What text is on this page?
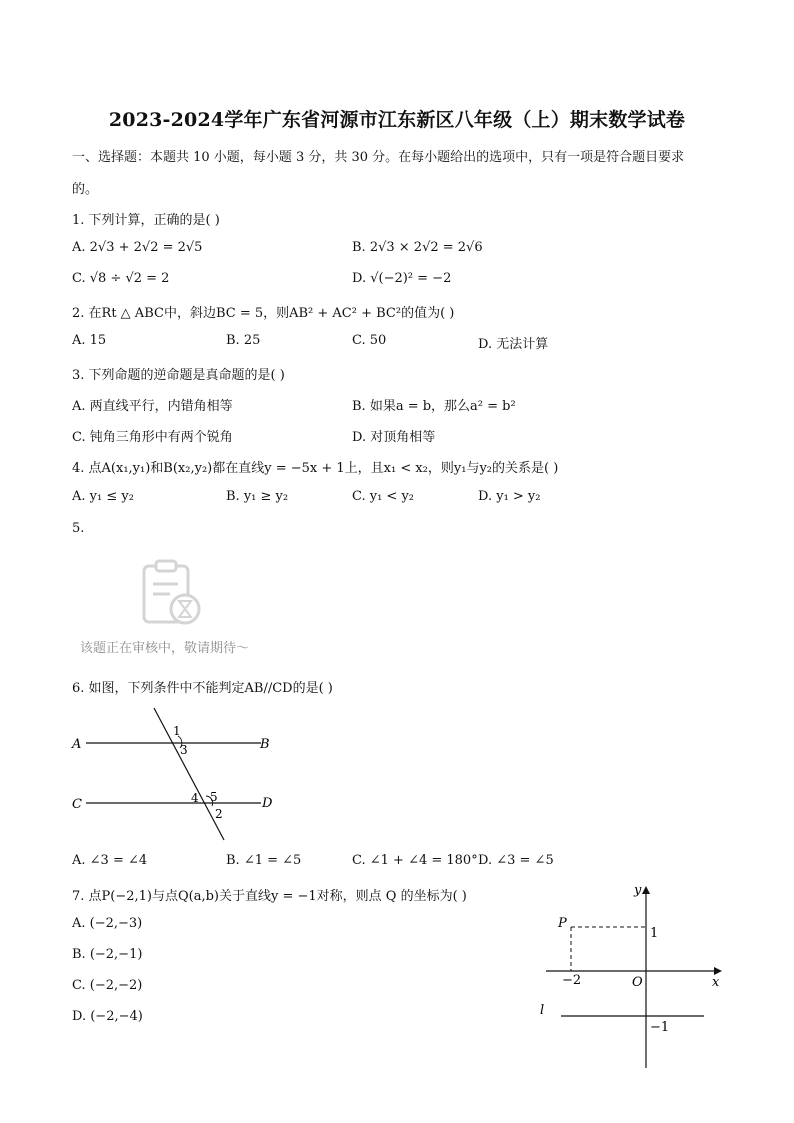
2023-2024学年广东省河源市江东新区八年级（上）期末数学试卷
一、选择题：本题共 10 小题，每小题 3 分，共 30 分。在每小题给出的选项中，只有一项是符合题目要求
的。
1. 下列计算，正确的是( )
A. 2√3 + 2√2 = 2√5	B. 2√3 × 2√2 = 2√6
C. √8 ÷ √2 = 2	D. √(−2)² = −2
2. 在Rt △ ABC中，斜边BC = 5，则AB² + AC² + BC²的值为( )
A. 15	B. 25	C. 50	D. 无法计算
3. 下列命题的逆命题是真命题的是( )
A. 两直线平行，内错角相等	B. 如果a = b，那么a² = b²
C. 钝角三角形中有两个锐角	D. 对顶角相等
4. 点A(x₁,y₁)和B(x₂,y₂)都在直线y = −5x + 1上，且x₁ < x₂，则y₁与y₂的关系是( )
A. y₁ ≤ y₂	B. y₁ ≥ y₂	C. y₁ < y₂	D. y₁ > y₂
5.
该题正在审核中，敬请期待～
6. 如图，下列条件中不能判定AB//CD的是( )
A	B
C	D
1
3
4 5
2
A. ∠3 = ∠4	B. ∠1 = ∠5	C. ∠1 + ∠4 = 180° D. ∠3 = ∠5
7. 点P(−2,1)与点Q(a,b)关于直线y = −1对称，则点 Q 的坐标为( )
A. (−2,−3)
B. (−2,−1)
C. (−2,−2)
D. (−2,−4)
y
x
O
P
1
−2
−1
l
